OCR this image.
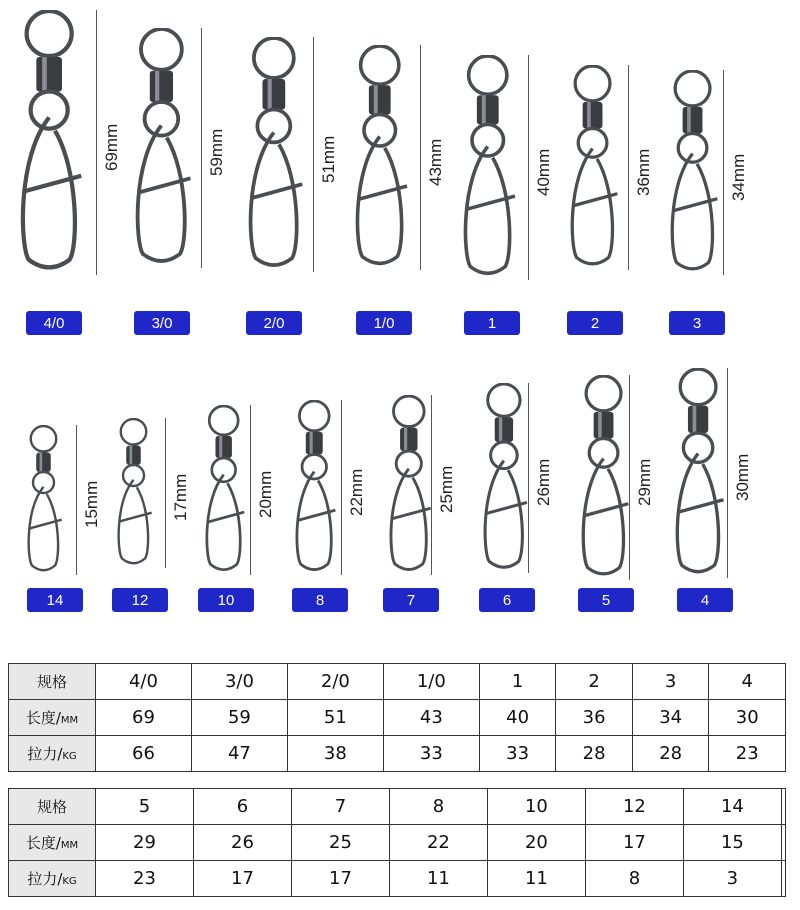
69mm
4/0
59mm
3/0
51mm
2/0
43mm
1/0
40mm
1
36mm
2
34mm
3
15mm
14
17mm
12
20mm
10
22mm
8
25mm
7
26mm
6
29mm
5
30mm
4
规格	4/0	3/0	2/0	1/0	1	2	3	4
长度/MM	69	59	51	43	40	36	34	30
拉力/KG	66	47	38	33	33	28	28	23
规格	5	6	7	8	10	12	14	
长度/MM	29	26	25	22	20	17	15	
拉力/KG	23	17	17	11	11	8	3	
